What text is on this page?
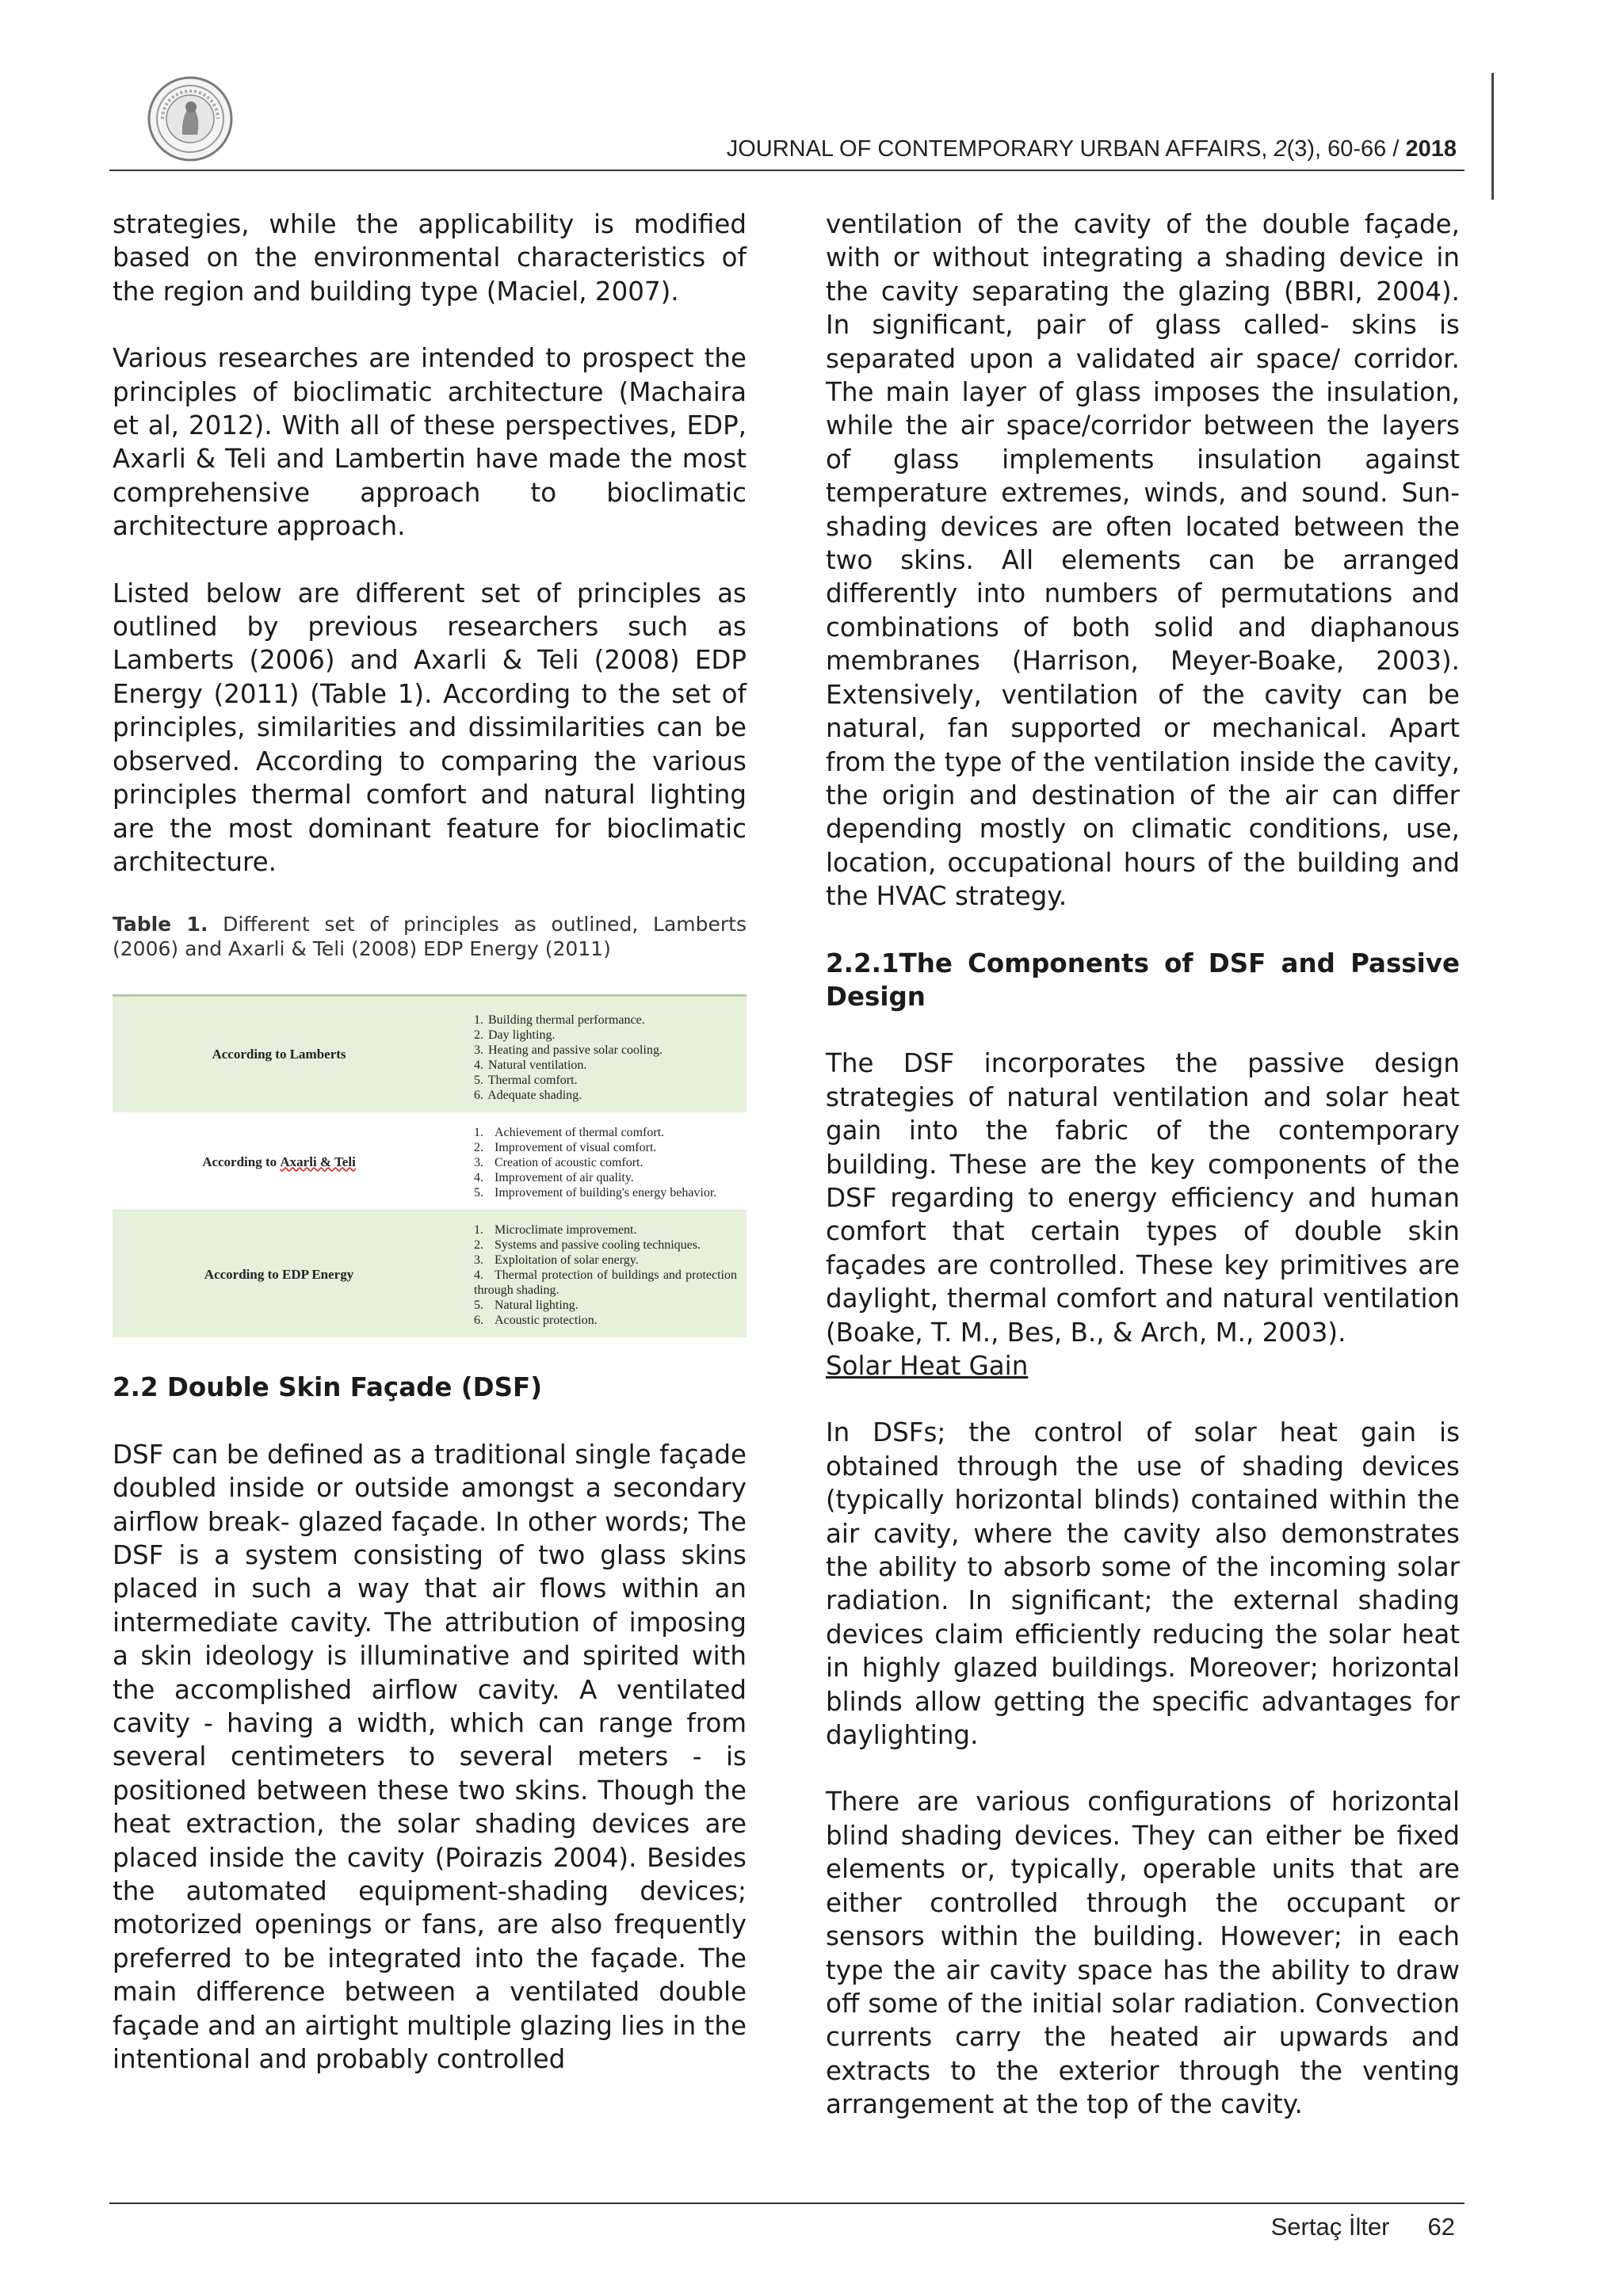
JOURNAL OF CONTEMPORARY URBAN AFFAIRS, 2(3), 60-66 / 2018

strategies, while the applicability is modified based on the environmental characteristics of the region and building type (Maciel, 2007).

Various researches are intended to prospect the principles of bioclimatic architecture (Machaira et al, 2012). With all of these perspectives, EDP, Axarli & Teli and Lambertin have made the most comprehensive approach to bioclimatic architecture approach.

Listed below are different set of principles as outlined by previous researchers such as Lamberts (2006) and Axarli & Teli (2008) EDP Energy (2011) (Table 1). According to the set of principles, similarities and dissimilarities can be observed. According to comparing the various principles thermal comfort and natural lighting are the most dominant feature for bioclimatic architecture.

Table 1. Different set of principles as outlined, Lamberts (2006) and Axarli & Teli (2008) EDP Energy (2011)

According to Lamberts
1. Building thermal performance.
2. Day lighting.
3. Heating and passive solar cooling.
4. Natural ventilation.
5. Thermal comfort.
6. Adequate shading.
According to
Axarli & Teli
1. Achievement of thermal comfort.
2. Improvement of visual comfort.
3. Creation of acoustic comfort.
4. Improvement of air quality.
5. Improvement of building's energy behavior.
According to EDP Energy
1. Microclimate improvement.
2. Systems and passive cooling techniques.
3. Exploitation of solar energy.
4. Thermal protection of buildings and protection through shading.
5. Natural lighting.
6. Acoustic protection.

2.2 Double Skin Façade (DSF)

DSF can be defined as a traditional single façade doubled inside or outside amongst a secondary airflow break- glazed façade. In other words; The DSF is a system consisting of two glass skins placed in such a way that air flows within an intermediate cavity. The attribution of imposing a skin ideology is illuminative and spirited with the accomplished airflow cavity. A ventilated cavity - having a width, which can range from several centimeters to several meters - is positioned between these two skins. Though the heat extraction, the solar shading devices are placed inside the cavity (Poirazis 2004). Besides the automated equipment-shading devices; motorized openings or fans, are also frequently preferred to be integrated into the façade. The main difference between a ventilated double façade and an airtight multiple glazing lies in the intentional and probably controlled

ventilation of the cavity of the double façade, with or without integrating a shading device in the cavity separating the glazing (BBRI, 2004). In significant, pair of glass called- skins is separated upon a validated air space/ corridor. The main layer of glass imposes the insulation, while the air space/corridor between the layers of glass implements insulation against temperature extremes, winds, and sound. Sun-shading devices are often located between the two skins. All elements can be arranged differently into numbers of permutations and combinations of both solid and diaphanous membranes (Harrison, Meyer-Boake, 2003). Extensively, ventilation of the cavity can be natural, fan supported or mechanical. Apart from the type of the ventilation inside the cavity, the origin and destination of the air can differ depending mostly on climatic conditions, use, location, occupational hours of the building and the HVAC strategy.

2.2.1The Components of DSF and Passive Design

The DSF incorporates the passive design strategies of natural ventilation and solar heat gain into the fabric of the contemporary building. These are the key components of the DSF regarding to energy efficiency and human comfort that certain types of double skin façades are controlled. These key primitives are daylight, thermal comfort and natural ventilation (Boake, T. M., Bes, B., & Arch, M., 2003).

Solar Heat Gain

In DSFs; the control of solar heat gain is obtained through the use of shading devices (typically horizontal blinds) contained within the air cavity, where the cavity also demonstrates the ability to absorb some of the incoming solar radiation. In significant; the external shading devices claim efficiently reducing the solar heat in highly glazed buildings. Moreover; horizontal blinds allow getting the specific advantages for daylighting.

There are various configurations of horizontal blind shading devices. They can either be fixed elements or, typically, operable units that are either controlled through the occupant or sensors within the building. However; in each type the air cavity space has the ability to draw off some of the initial solar radiation. Convection currents carry the heated air upwards and extracts to the exterior through the venting arrangement at the top of the cavity.

Sertaç İlter 62
